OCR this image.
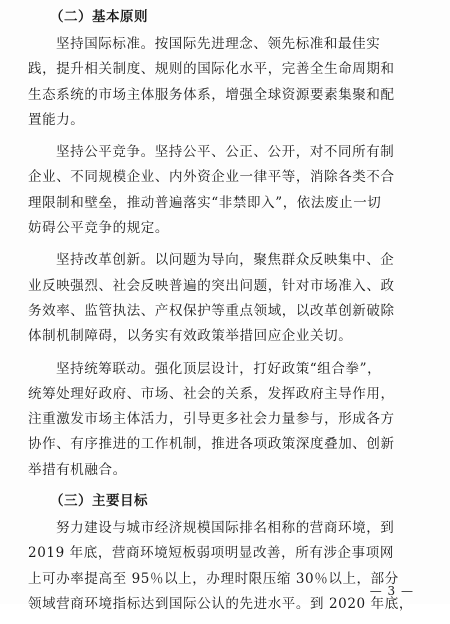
（二）基本原则
坚持国际标准。按国际先进理念、领先标准和最佳实
践，提升相关制度、规则的国际化水平，完善全生命周期和
生态系统的市场主体服务体系，增强全球资源要素集聚和配
置能力。
坚持公平竞争。坚持公平、公正、公开，对不同所有制
企业、不同规模企业、内外资企业一律平等，消除各类不合
理限制和壁垒，推动普遍落实“非禁即入”，依法废止一切
妨碍公平竞争的规定。
坚持改革创新。以问题为导向，聚焦群众反映集中、企
业反映强烈、社会反映普遍的突出问题，针对市场准入、政
务效率、监管执法、产权保护等重点领域，以改革创新破除
体制机制障碍，以务实有效政策举措回应企业关切。
坚持统筹联动。强化顶层设计，打好政策“组合拳”，
统筹处理好政府、市场、社会的关系，发挥政府主导作用，
注重激发市场主体活力，引导更多社会力量参与，形成各方
协作、有序推进的工作机制，推进各项政策深度叠加、创新
举措有机融合。
（三）主要目标
努力建设与城市经济规模国际排名相称的营商环境，到
2019 年底，营商环境短板弱项明显改善，所有涉企事项网
上可办率提高至 95％以上，办理时限压缩 30％以上，部分
领域营商环境指标达到国际公认的先进水平。到 2020 年底，
— 3 —
